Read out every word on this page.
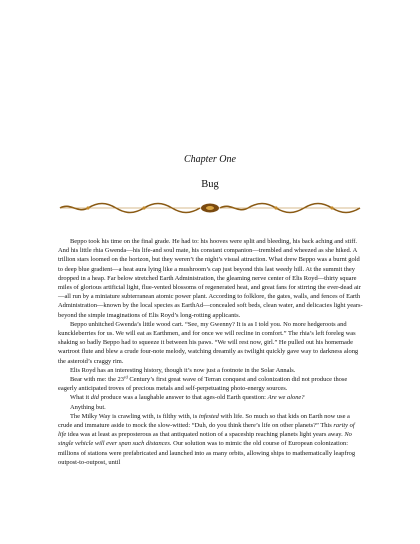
Chapter One
Bug

Beppo took his time on the final grade. He had to: his hooves were split and bleeding, his back aching and stiff. And his little rhia Gwenda—his life-and soul mate, his constant companion—trembled and wheezed as she hiked. A trillion stars loomed on the horizon, but they weren’t the night’s visual attraction. What drew Beppo was a burnt gold to deep blue gradient—a heat aura lying like a mushroom’s cap just beyond this last weedy hill. At the summit they dropped in a heap. Far below stretched Earth Administration, the gleaming nerve center of Elis Royd—thirty square miles of glorious artificial light, flue-vented blossoms of regenerated heat, and great fans for stirring the ever-dead air—all run by a miniature subterranean atomic power plant. According to folklore, the gates, walls, and fences of Earth Administration—known by the local species as EarthAd—concealed soft beds, clean water, and delicacies light years-beyond the simple imaginations of Elis Royd’s long-rotting applicants.

Beppo unhitched Gwenda’s little wood cart. “See, my Gwenny? It is as I told you. No more hedgeroots and kunckleberries for us. We will eat as Earthmen, and for once we will recline in comfort.” The rhia’s left foreleg was shaking so badly Beppo had to squeeze it between his paws. “We will rest now, girl.” He pulled out his homemade wartroot flute and blew a crude four-note melody, watching dreamily as twilight quickly gave way to darkness along the asteroid’s craggy rim.

Elis Royd has an interesting history, though it’s now just a footnote in the Solar Annals.

Bear with me: the 23rd Century’s first great wave of Terran conquest and colonization did not produce those eagerly anticipated troves of precious metals and self-perpetuating photo-energy sources.

What it did produce was a laughable answer to that ages-old Earth question: Are we alone?

Anything but.

The Milky Way is crawling with, is filthy with, is infested with life. So much so that kids on Earth now use a crude and immature aside to mock the slow-witted: “Duh, do you think there’s life on other planets?” This rarity of life idea was at least as preposterous as that antiquated notion of a spaceship reaching planets light years away. No single vehicle will ever span such distances. Our solution was to mimic the old course of European colonization: millions of stations were prefabricated and launched into as many orbits, allowing ships to mathematically leapfrog outpost-to-outpost, until
